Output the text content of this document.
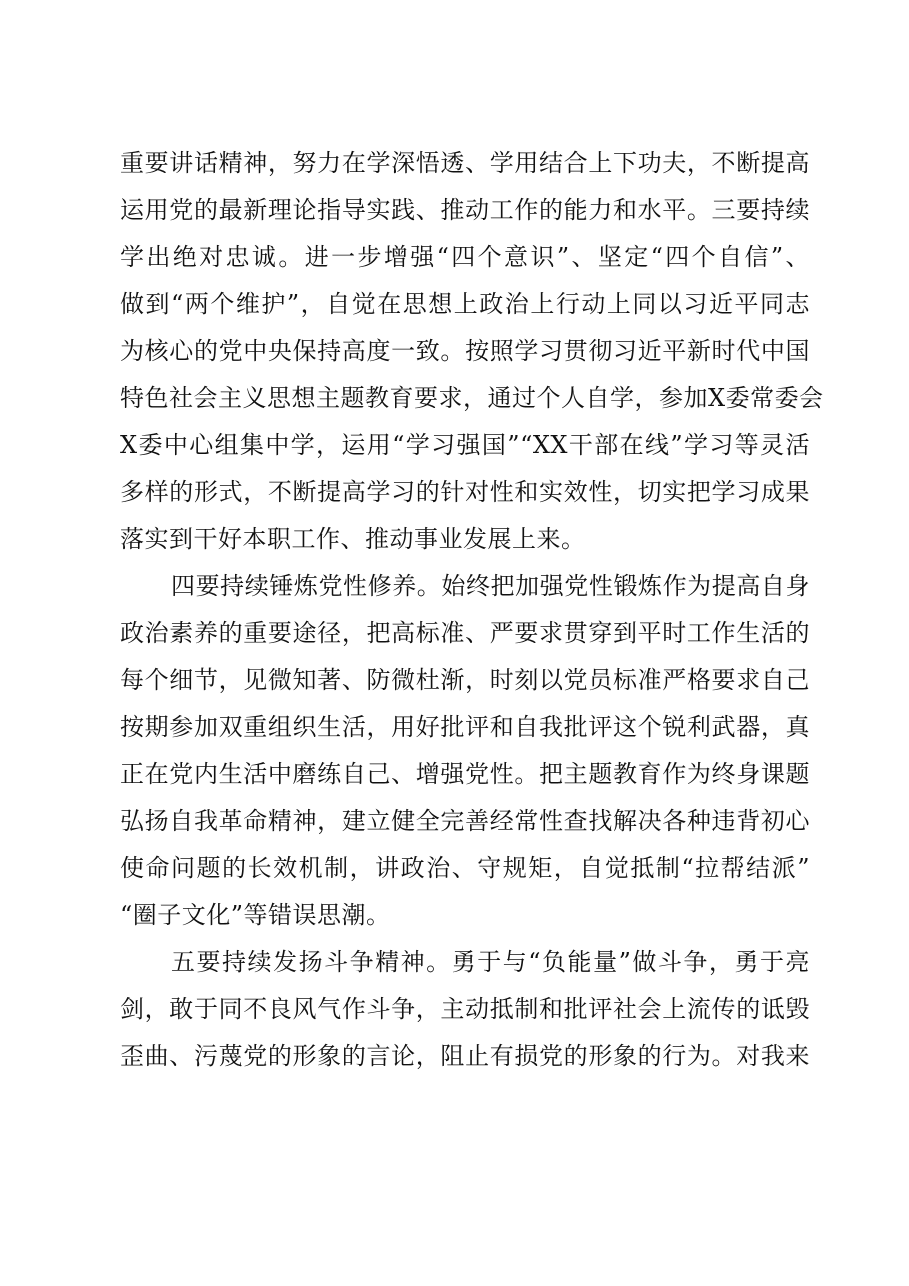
重要讲话精神，努力在学深悟透、学用结合上下功夫，不断提高
运用党的最新理论指导实践、推动工作的能力和水平。三要持续
学出绝对忠诚。进一步增强“四个意识”、坚定“四个自信”、
做到“两个维护”，自觉在思想上政治上行动上同以习近平同志
为核心的党中央保持高度一致。按照学习贯彻习近平新时代中国
特色社会主义思想主题教育要求，通过个人自学，参加X委常委会
X委中心组集中学，运用“学习强国”“XX干部在线”学习等灵活
多样的形式，不断提高学习的针对性和实效性，切实把学习成果
落实到干好本职工作、推动事业发展上来。
四要持续锤炼党性修养。始终把加强党性锻炼作为提高自身
政治素养的重要途径，把高标准、严要求贯穿到平时工作生活的
每个细节，见微知著、防微杜渐，时刻以党员标准严格要求自己
按期参加双重组织生活，用好批评和自我批评这个锐利武器，真
正在党内生活中磨练自己、增强党性。把主题教育作为终身课题
弘扬自我革命精神，建立健全完善经常性查找解决各种违背初心
使命问题的长效机制，讲政治、守规矩，自觉抵制“拉帮结派”
“圈子文化”等错误思潮。
五要持续发扬斗争精神。勇于与“负能量”做斗争，勇于亮
剑，敢于同不良风气作斗争，主动抵制和批评社会上流传的诋毁
歪曲、污蔑党的形象的言论，阻止有损党的形象的行为。对我来
